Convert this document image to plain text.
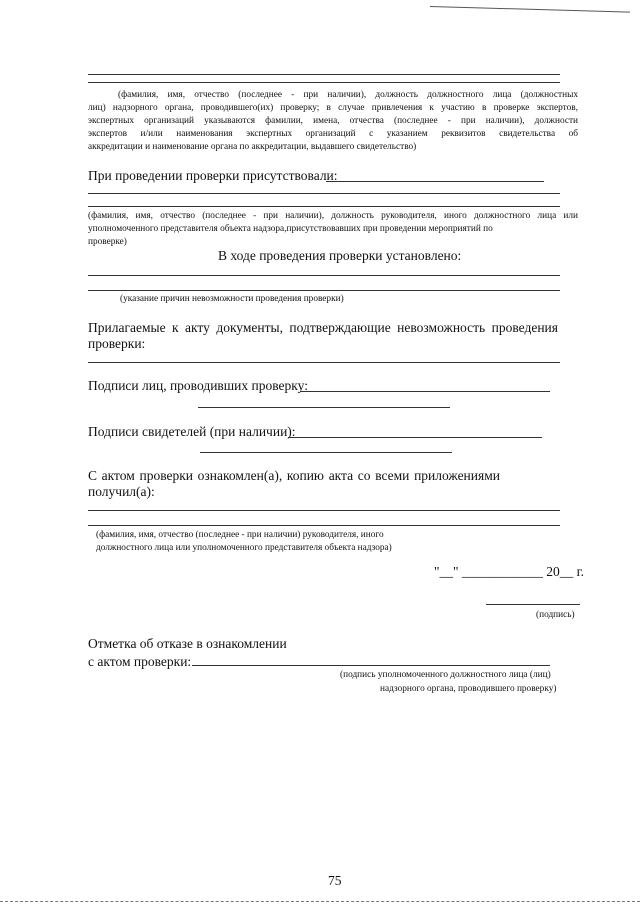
(фамилия, имя, отчество (последнее - при наличии), должность должностного лица (должностных
лиц) надзорного органа, проводившего(их) проверку; в случае привлечения к участию в проверке экспертов,
экспертных организаций указываются фамилии, имена, отчества (последнее - при наличии), должности
экспертов и/или наименования экспертных организаций с указанием реквизитов свидетельства об
аккредитации и наименование органа по аккредитации, выдавшего свидетельство)
При проведении проверки присутствовали:
(фамилия, имя, отчество (последнее - при наличии), должность руководителя, иного должностного лица или
уполномоченного представителя объекта надзора,присутствовавших при проведении мероприятий по
проверке)
В ходе проведения проверки установлено:
(указание причин невозможности проведения проверки)
Прилагаемые к акту документы, подтверждающие невозможность проведения
проверки:
Подписи лиц, проводивших проверку:
Подписи свидетелей (при наличии):
С актом проверки ознакомлен(а), копию акта со всеми приложениями
получил(а):
(фамилия, имя, отчество (последнее - при наличии) руководителя, иного
должностного лица или уполномоченного представителя объекта надзора)
"__" ____________ 20__ г.
(подпись)
Отметка об отказе в ознакомлении
с актом проверки:
(подпись уполномоченного должностного лица (лиц)
надзорного органа, проводившего проверку)
75
